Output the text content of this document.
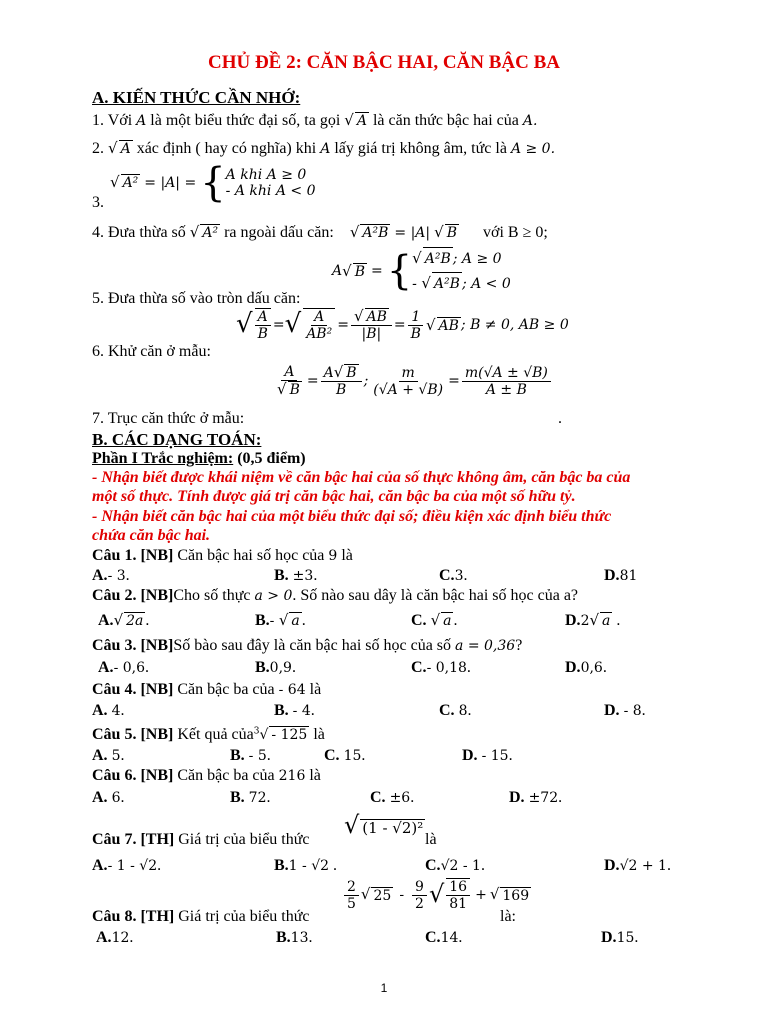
CHỦ ĐỀ 2: CĂN BẬC HAI, CĂN BẬC BA
A. KIẾN THỨC CẦN NHỚ:
1. Với A là một biểu thức đại số, ta gọi √ A là căn thức bậc hai của A.
2. √ A xác định ( hay có nghĩa) khi A lấy giá trị không âm, tức là A ≥ 0.
√ A² = |A| = { A khi A ≥ 0
- A khi A < 0
3.
4. Đưa thừa số √ A² ra ngoài dấu căn: √ A²B = |A| √ B với B ≥ 0;
A √ B = { √ A²B ; A ≥ 0
- √ A²B ; A < 0
5. Đưa thừa số vào tròn dấu căn:
√ $\frac{A}{B}$ = √ $\frac{A}{\text{AB²}} = \frac{√ AB}{|B|} = \frac{1}{B}$ √ AB ; B ≠ 0, AB ≥ 0
6. Khử căn ở mẫu:
$\frac{A}{√ B} = \frac{A√ B}{B}$ ; $\frac{m}{(√A + √B)} = \frac{m(√A \pm √B)}{A \pm B}$
7. Trục căn thức ở mẫu:	.
B. CÁC DẠNG TOÁN:
Phần I Trắc nghiệm: (0,5 điểm)
- Nhận biết được khái niệm về căn bậc hai của số thực không âm, căn bậc ba của
một số thực. Tính được giá trị căn bậc hai, căn bậc ba của một số hữu tỷ.
- Nhận biết căn bậc hai của một biểu thức đại số; điều kiện xác định biểu thức
chứa căn bậc hai.
Câu 1. [NB] Căn bậc hai số học của 9 là
A.- 3.	B. ±3.	C.3.	D.81
Câu 2. [NB]Cho số thực a > 0. Số nào sau dây là căn bậc hai số học của a?
A.√ 2a .	B.- √ a .	C. √ a .	D.2√ a .
Câu 3. [NB]Số bào sau đây là căn bậc hai số học của số a = 0,36?
A.- 0,6.	B.0,9.	C.- 0,18.	D.0,6.
Câu 4. [NB] Căn bậc ba của - 64 là
A. 4.	B. - 4.	C. 8.	D. - 8.
Câu 5. [NB] Kết quả của$^3$√ - 125 là
A. 5.	B. - 5.	C. 15.	D. - 15.
Câu 6. [NB] Căn bậc ba của 216 là
A. 6.	B. 72.	C. ±6.	D. ±72.
Câu 7. [TH] Giá trị của biểu thức
√ (1 - √2)²
là
A.- 1 - √2.	B.1 - √2 .	C.√2 - 1.	D.√2 + 1.
Câu 8. [TH] Giá trị của biểu thức
$\frac{2}{5}$ √ $25 - \frac{9}{2}$ √ $\frac{16}{81}$ + √ 169
là:
A.12.	B.13.	C.14.	D.15.
1
